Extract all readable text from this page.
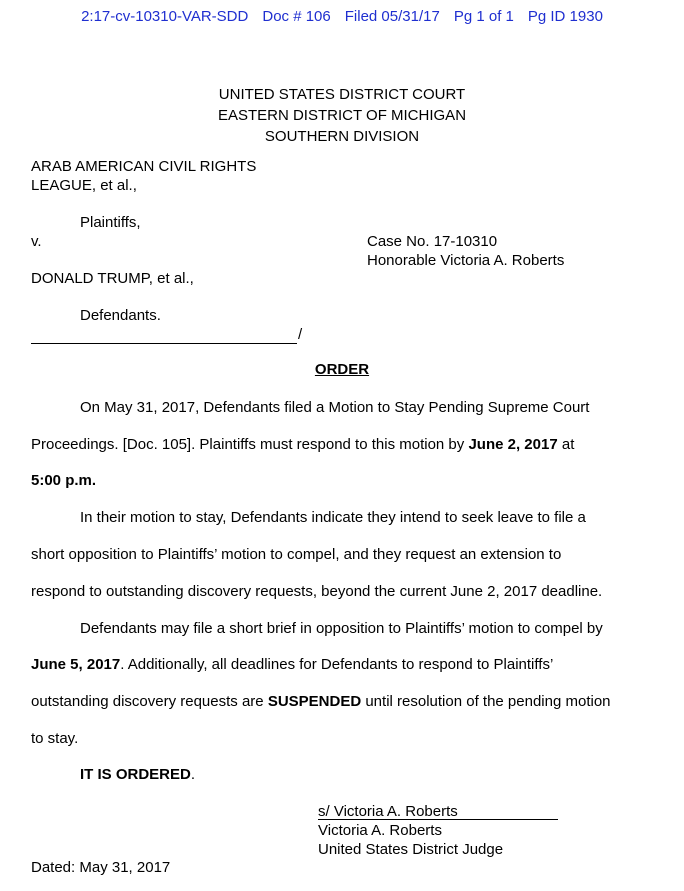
2:17-cv-10310-VAR-SDD Doc # 106 Filed 05/31/17 Pg 1 of 1 Pg ID 1930
UNITED STATES DISTRICT COURT
EASTERN DISTRICT OF MICHIGAN
SOUTHERN DIVISION
ARAB AMERICAN CIVIL RIGHTS
LEAGUE, et al.,
Plaintiffs,
v.	Case No. 17-10310
Honorable Victoria A. Roberts
DONALD TRUMP, et al.,
Defendants.
/
ORDER
On May 31, 2017, Defendants filed a Motion to Stay Pending Supreme Court
Proceedings. [Doc. 105]. Plaintiffs must respond to this motion by June 2, 2017 at
5:00 p.m.
In their motion to stay, Defendants indicate they intend to seek leave to file a
short opposition to Plaintiffs’ motion to compel, and they request an extension to
respond to outstanding discovery requests, beyond the current June 2, 2017 deadline.
Defendants may file a short brief in opposition to Plaintiffs’ motion to compel by
June 5, 2017. Additionally, all deadlines for Defendants to respond to Plaintiffs’
outstanding discovery requests are SUSPENDED until resolution of the pending motion
to stay.
IT IS ORDERED.
s/ Victoria A. Roberts
Victoria A. Roberts
United States District Judge
Dated: May 31, 2017
